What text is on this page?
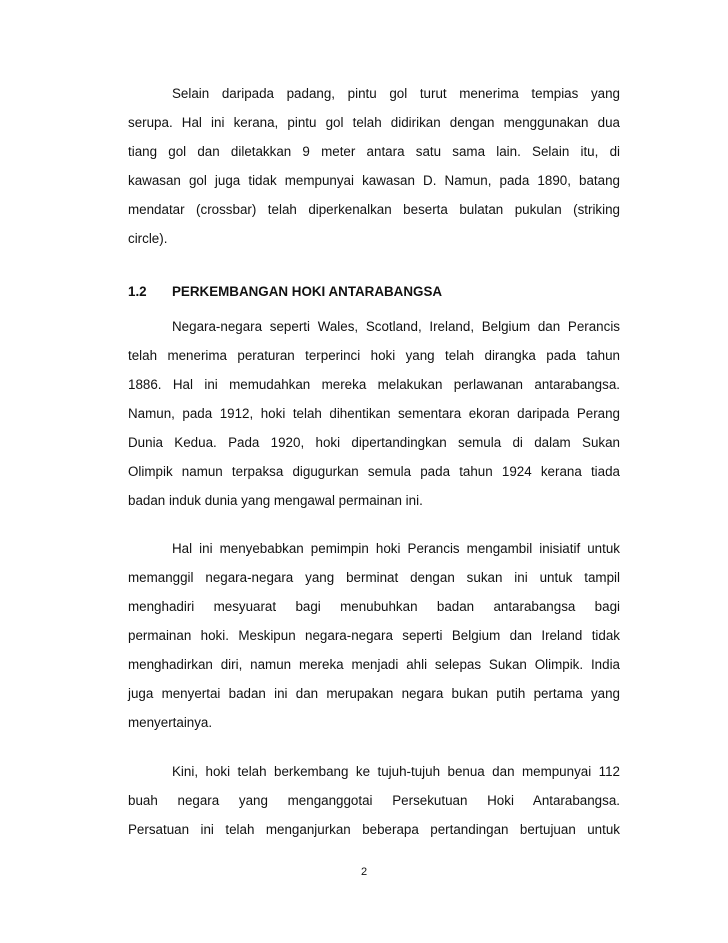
Selain daripada padang, pintu gol turut menerima tempias yang
serupa. Hal ini kerana, pintu gol telah didirikan dengan menggunakan dua
tiang gol dan diletakkan 9 meter antara satu sama lain. Selain itu, di
kawasan gol juga tidak mempunyai kawasan D. Namun, pada 1890, batang
mendatar (crossbar) telah diperkenalkan beserta bulatan pukulan (striking
circle).
1.2 PERKEMBANGAN HOKI ANTARABANGSA
Negara-negara seperti Wales, Scotland, Ireland, Belgium dan Perancis
telah menerima peraturan terperinci hoki yang telah dirangka pada tahun
1886. Hal ini memudahkan mereka melakukan perlawanan antarabangsa.
Namun, pada 1912, hoki telah dihentikan sementara ekoran daripada Perang
Dunia Kedua. Pada 1920, hoki dipertandingkan semula di dalam Sukan
Olimpik namun terpaksa digugurkan semula pada tahun 1924 kerana tiada
badan induk dunia yang mengawal permainan ini.
Hal ini menyebabkan pemimpin hoki Perancis mengambil inisiatif untuk
memanggil negara-negara yang berminat dengan sukan ini untuk tampil
menghadiri mesyuarat bagi menubuhkan badan antarabangsa bagi
permainan hoki. Meskipun negara-negara seperti Belgium dan Ireland tidak
menghadirkan diri, namun mereka menjadi ahli selepas Sukan Olimpik. India
juga menyertai badan ini dan merupakan negara bukan putih pertama yang
menyertainya.
Kini, hoki telah berkembang ke tujuh-tujuh benua dan mempunyai 112
buah negara yang menganggotai Persekutuan Hoki Antarabangsa.
Persatuan ini telah menganjurkan beberapa pertandingan bertujuan untuk
2
